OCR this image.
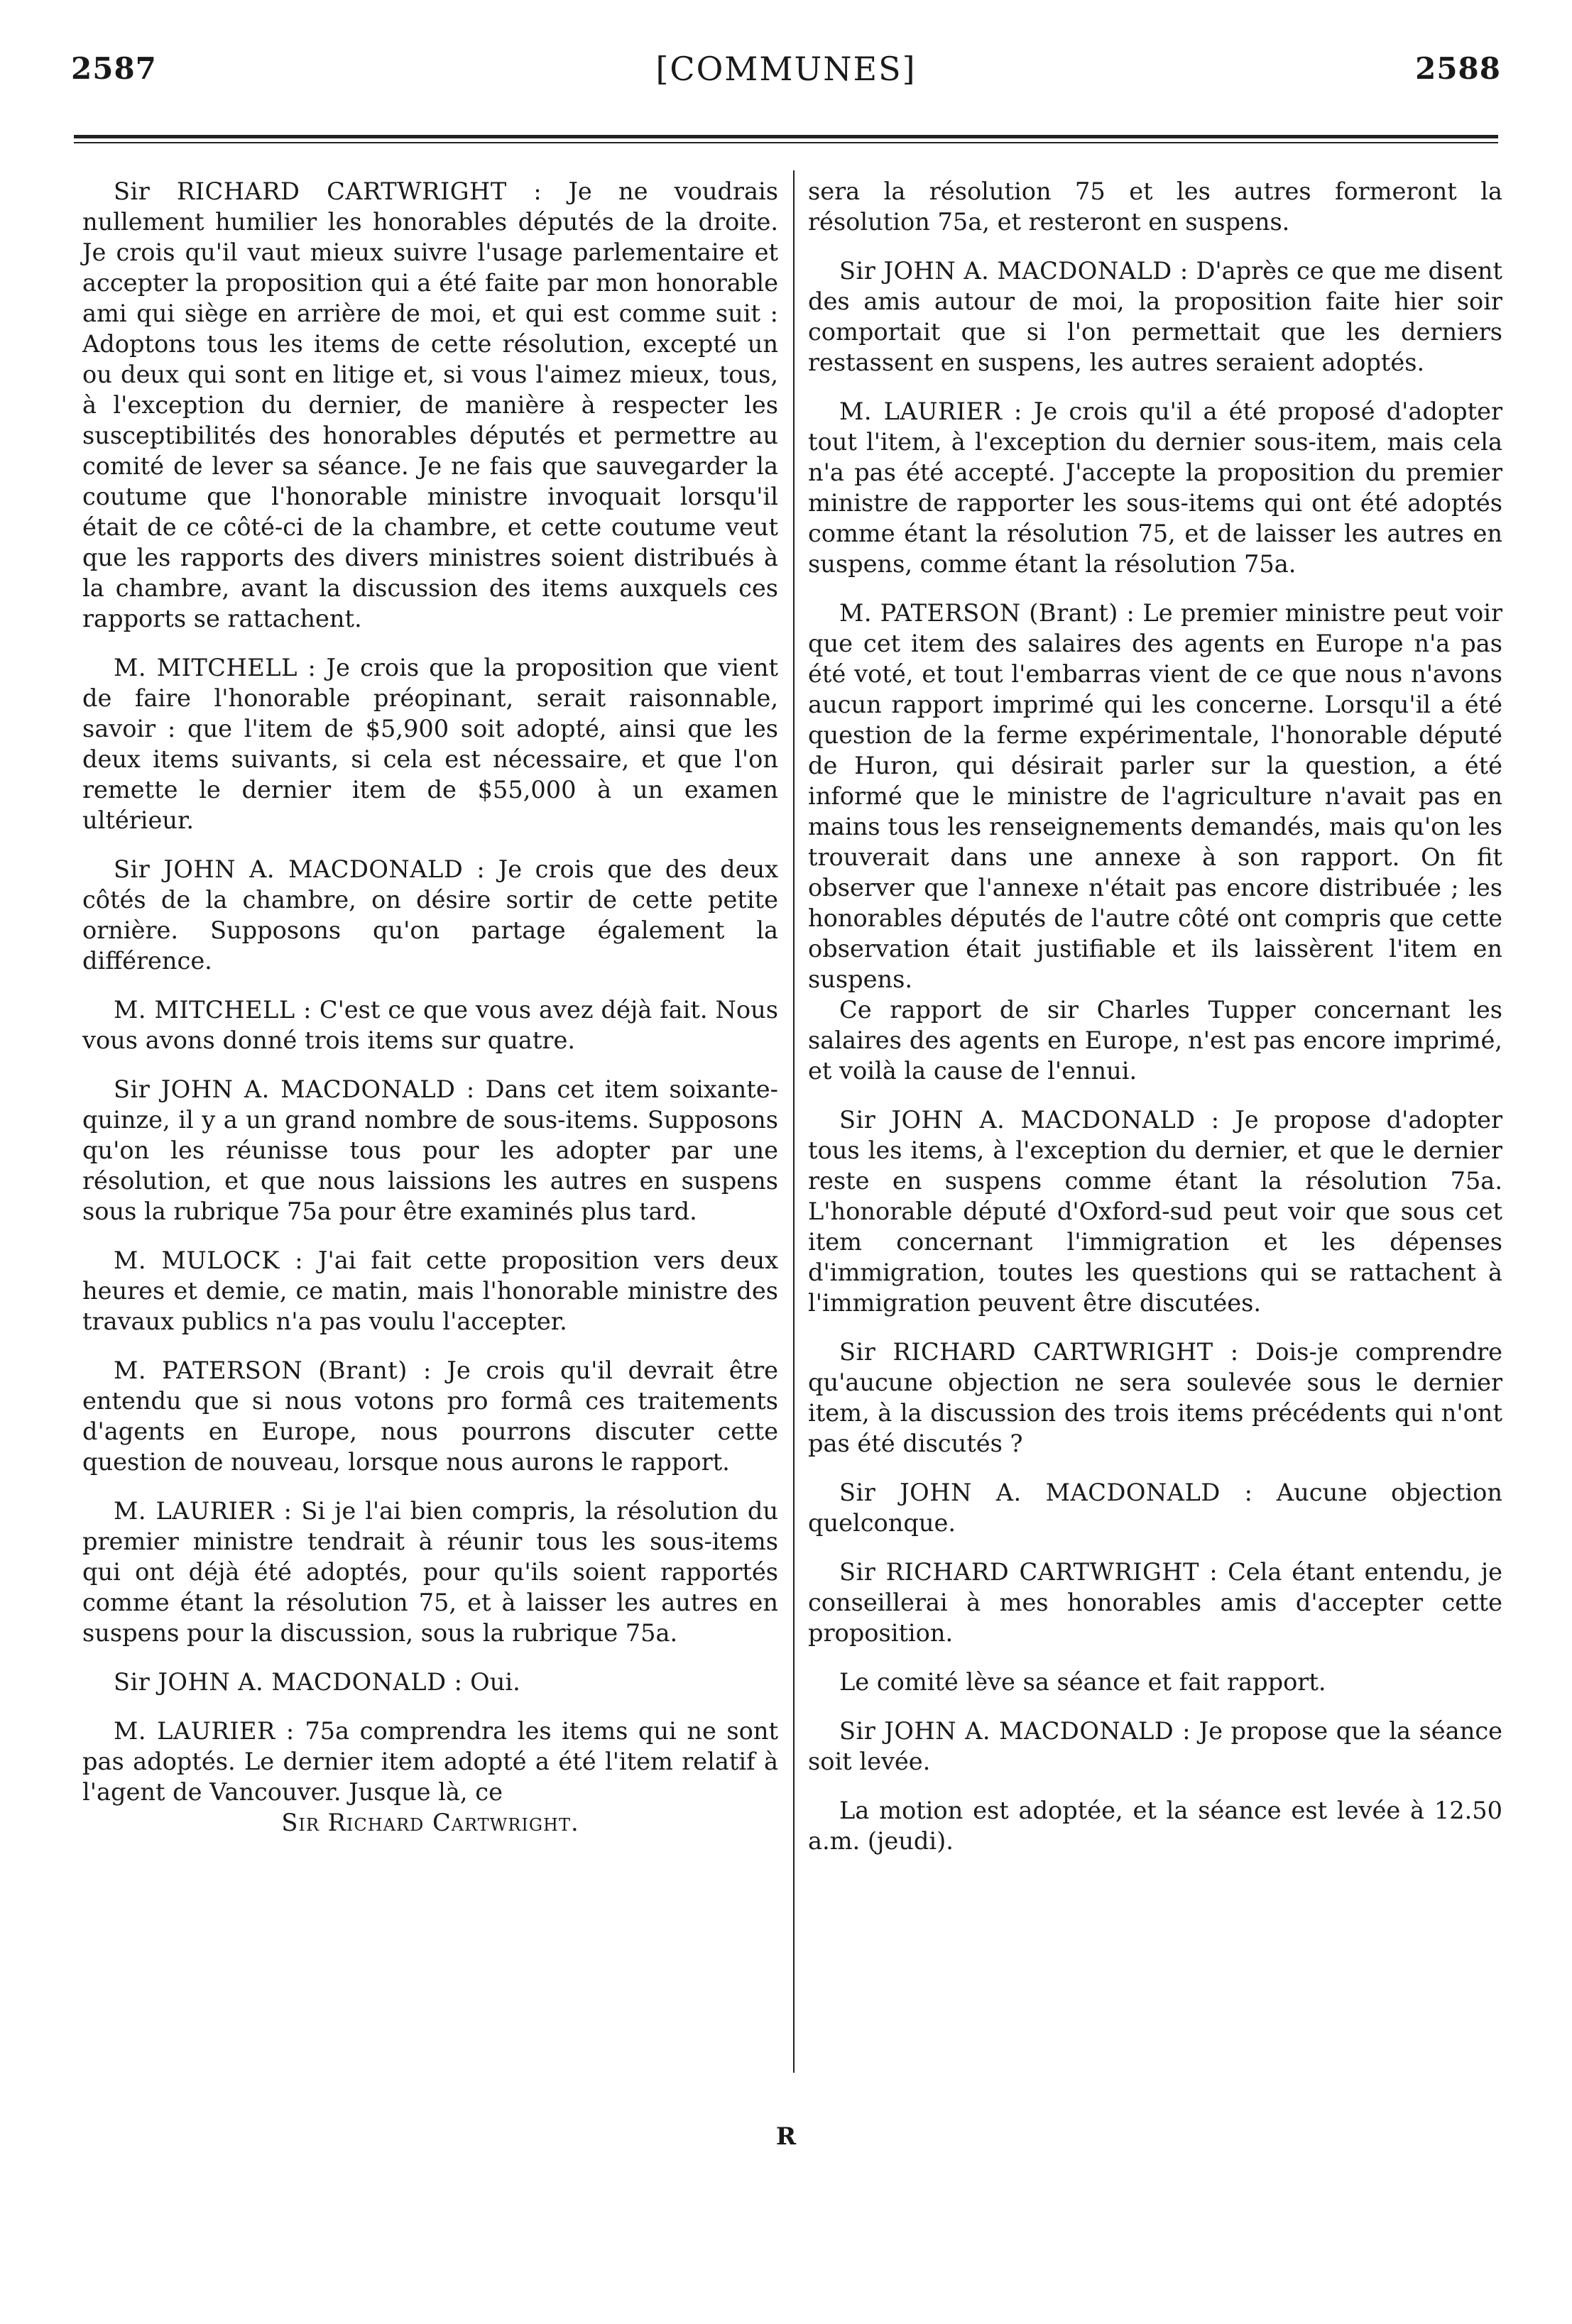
2587	[COMMUNES]	2588

Sir RICHARD CARTWRIGHT : Je ne voudrais nullement humilier les honorables députés de la droite. Je crois qu'il vaut mieux suivre l'usage parlementaire et accepter la proposition qui a été faite par mon honorable ami qui siège en arrière de moi, et qui est comme suit : Adoptons tous les items de cette résolution, excepté un ou deux qui sont en litige et, si vous l'aimez mieux, tous, à l'exception du dernier, de manière à respecter les susceptibilités des honorables députés et permettre au comité de lever sa séance. Je ne fais que sauvegarder la coutume que l'honorable ministre invoquait lorsqu'il était de ce côté-ci de la chambre, et cette coutume veut que les rapports des divers ministres soient distribués à la chambre, avant la discussion des items auxquels ces rapports se rattachent.

M. MITCHELL : Je crois que la proposition que vient de faire l'honorable préopinant, serait raisonnable, savoir : que l'item de $5,900 soit adopté, ainsi que les deux items suivants, si cela est nécessaire, et que l'on remette le dernier item de $55,000 à un examen ultérieur.

Sir JOHN A. MACDONALD : Je crois que des deux côtés de la chambre, on désire sortir de cette petite ornière. Supposons qu'on partage également la différence.

M. MITCHELL : C'est ce que vous avez déjà fait. Nous vous avons donné trois items sur quatre.

Sir JOHN A. MACDONALD : Dans cet item soixante-quinze, il y a un grand nombre de sous-items. Supposons qu'on les réunisse tous pour les adopter par une résolution, et que nous laissions les autres en suspens sous la rubrique 75a pour être examinés plus tard.

M. MULOCK : J'ai fait cette proposition vers deux heures et demie, ce matin, mais l'honorable ministre des travaux publics n'a pas voulu l'accepter.

M. PATERSON (Brant) : Je crois qu'il devrait être entendu que si nous votons pro formâ ces traitements d'agents en Europe, nous pourrons discuter cette question de nouveau, lorsque nous aurons le rapport.

M. LAURIER : Si je l'ai bien compris, la résolution du premier ministre tendrait à réunir tous les sous-items qui ont déjà été adoptés, pour qu'ils soient rapportés comme étant la résolution 75, et à laisser les autres en suspens pour la discussion, sous la rubrique 75a.

Sir JOHN A. MACDONALD : Oui.

M. LAURIER : 75a comprendra les items qui ne sont pas adoptés. Le dernier item adopté a été l'item relatif à l'agent de Vancouver. Jusque là, ce

Sir Richard Cartwright.

sera la résolution 75 et les autres formeront la résolution 75a, et resteront en suspens.

Sir JOHN A. MACDONALD : D'après ce que me disent des amis autour de moi, la proposition faite hier soir comportait que si l'on permettait que les derniers restassent en suspens, les autres seraient adoptés.

M. LAURIER : Je crois qu'il a été proposé d'adopter tout l'item, à l'exception du dernier sous-item, mais cela n'a pas été accepté. J'accepte la proposition du premier ministre de rapporter les sous-items qui ont été adoptés comme étant la résolution 75, et de laisser les autres en suspens, comme étant la résolution 75a.

M. PATERSON (Brant) : Le premier ministre peut voir que cet item des salaires des agents en Europe n'a pas été voté, et tout l'embarras vient de ce que nous n'avons aucun rapport imprimé qui les concerne. Lorsqu'il a été question de la ferme expérimentale, l'honorable député de Huron, qui désirait parler sur la question, a été informé que le ministre de l'agriculture n'avait pas en mains tous les renseignements demandés, mais qu'on les trouverait dans une annexe à son rapport. On fit observer que l'annexe n'était pas encore distribuée ; les honorables députés de l'autre côté ont compris que cette observation était justifiable et ils laissèrent l'item en suspens.

Ce rapport de sir Charles Tupper concernant les salaires des agents en Europe, n'est pas encore imprimé, et voilà la cause de l'ennui.

Sir JOHN A. MACDONALD : Je propose d'adopter tous les items, à l'exception du dernier, et que le dernier reste en suspens comme étant la résolution 75a. L'honorable député d'Oxford-sud peut voir que sous cet item concernant l'immigration et les dépenses d'immigration, toutes les questions qui se rattachent à l'immigration peuvent être discutées.

Sir RICHARD CARTWRIGHT : Dois-je comprendre qu'aucune objection ne sera soulevée sous le dernier item, à la discussion des trois items précédents qui n'ont pas été discutés ?

Sir JOHN A. MACDONALD : Aucune objection quelconque.

Sir RICHARD CARTWRIGHT : Cela étant entendu, je conseillerai à mes honorables amis d'accepter cette proposition.

Le comité lève sa séance et fait rapport.

Sir JOHN A. MACDONALD : Je propose que la séance soit levée.

La motion est adoptée, et la séance est levée à 12.50 a.m. (jeudi).

R
